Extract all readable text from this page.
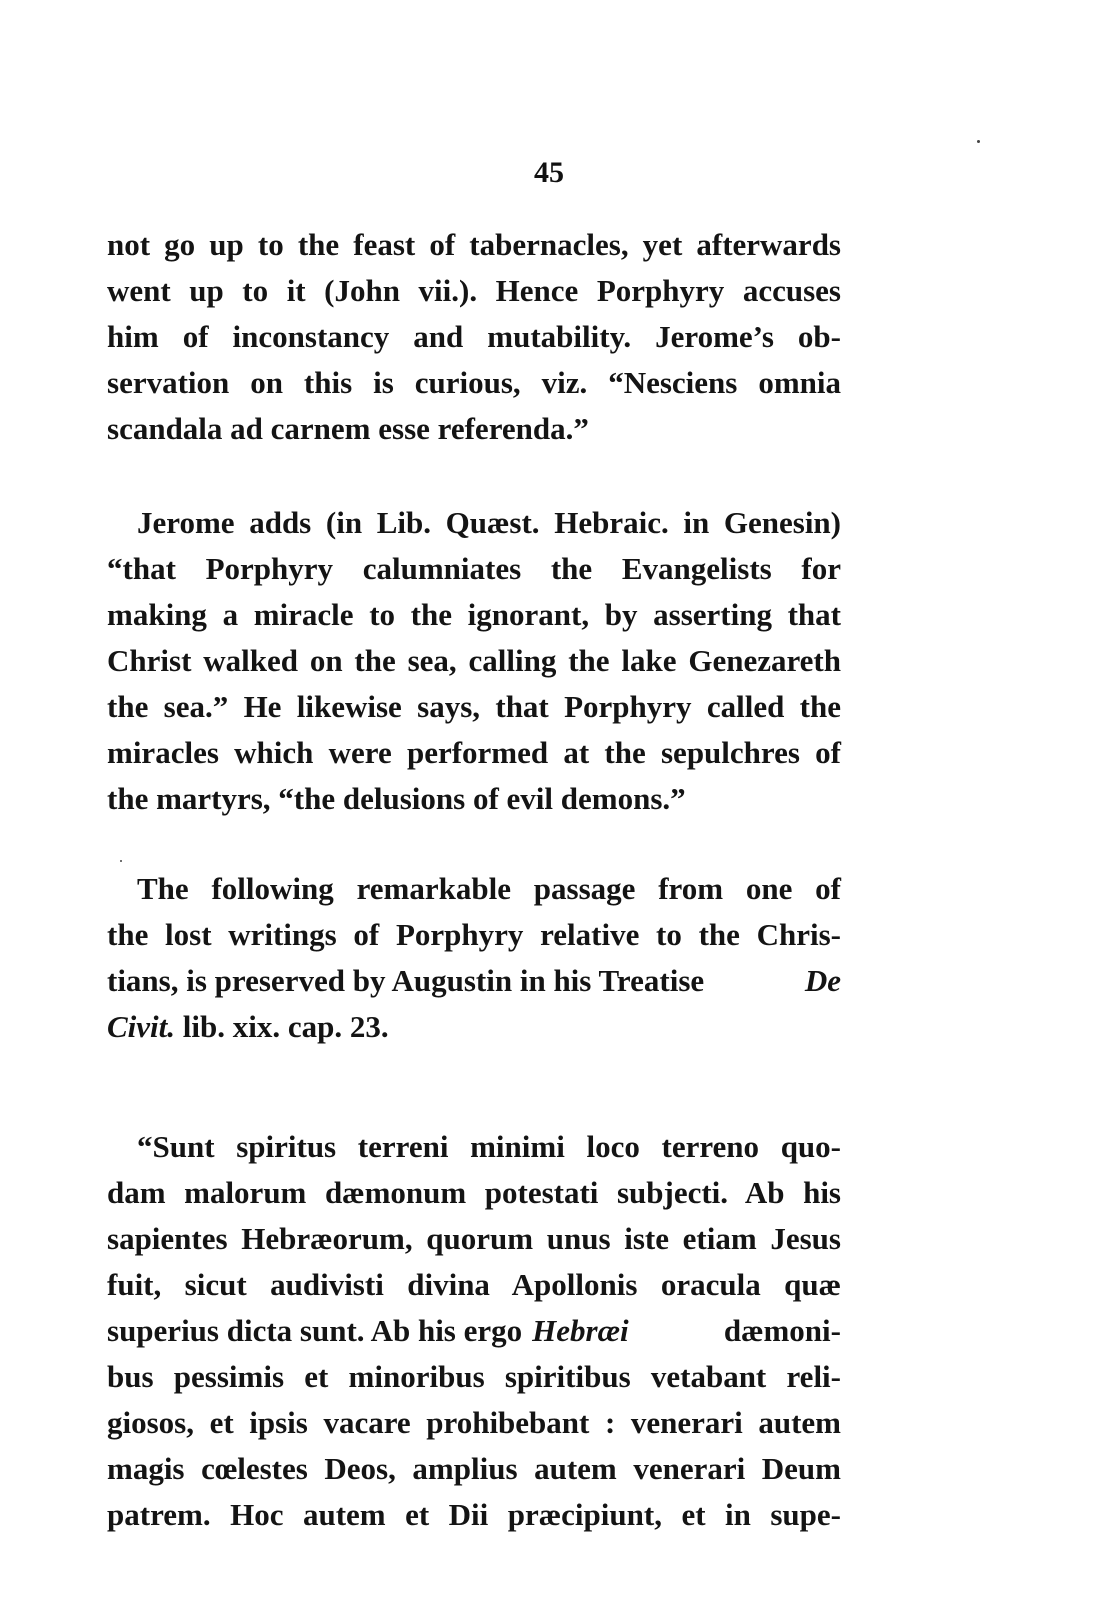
45
not go up to the feast of tabernacles, yet afterwards
went up to it (John vii.). Hence Porphyry accuses
him of inconstancy and mutability. Jerome’s ob-
servation on this is curious, viz. “Nesciens omnia
scandala ad carnem esse referenda.”
Jerome adds (in Lib. Quæst. Hebraic. in Genesin)
“that Porphyry calumniates the Evangelists for
making a miracle to the ignorant, by asserting that
Christ walked on the sea, calling the lake Genezareth
the sea.” He likewise says, that Porphyry called the
miracles which were performed at the sepulchres of
the martyrs, “the delusions of evil demons.”
The following remarkable passage from one of
the lost writings of Porphyry relative to the Chris-
tians, is preserved by Augustin in his Treatise	De
Civit. lib. xix. cap. 23.
“Sunt spiritus terreni minimi loco terreno quo-
dam malorum dæmonum potestati subjecti. Ab his
sapientes Hebræorum, quorum unus iste etiam Jesus
fuit, sicut audivisti divina Apollonis oracula quæ
superius dicta sunt. Ab his ergo Hebræi	dæmoni-
bus pessimis et minoribus spiritibus vetabant reli-
giosos, et ipsis vacare prohibebant : venerari autem
magis cœlestes Deos, amplius autem venerari Deum
patrem. Hoc autem et Dii præcipiunt, et in supe-
